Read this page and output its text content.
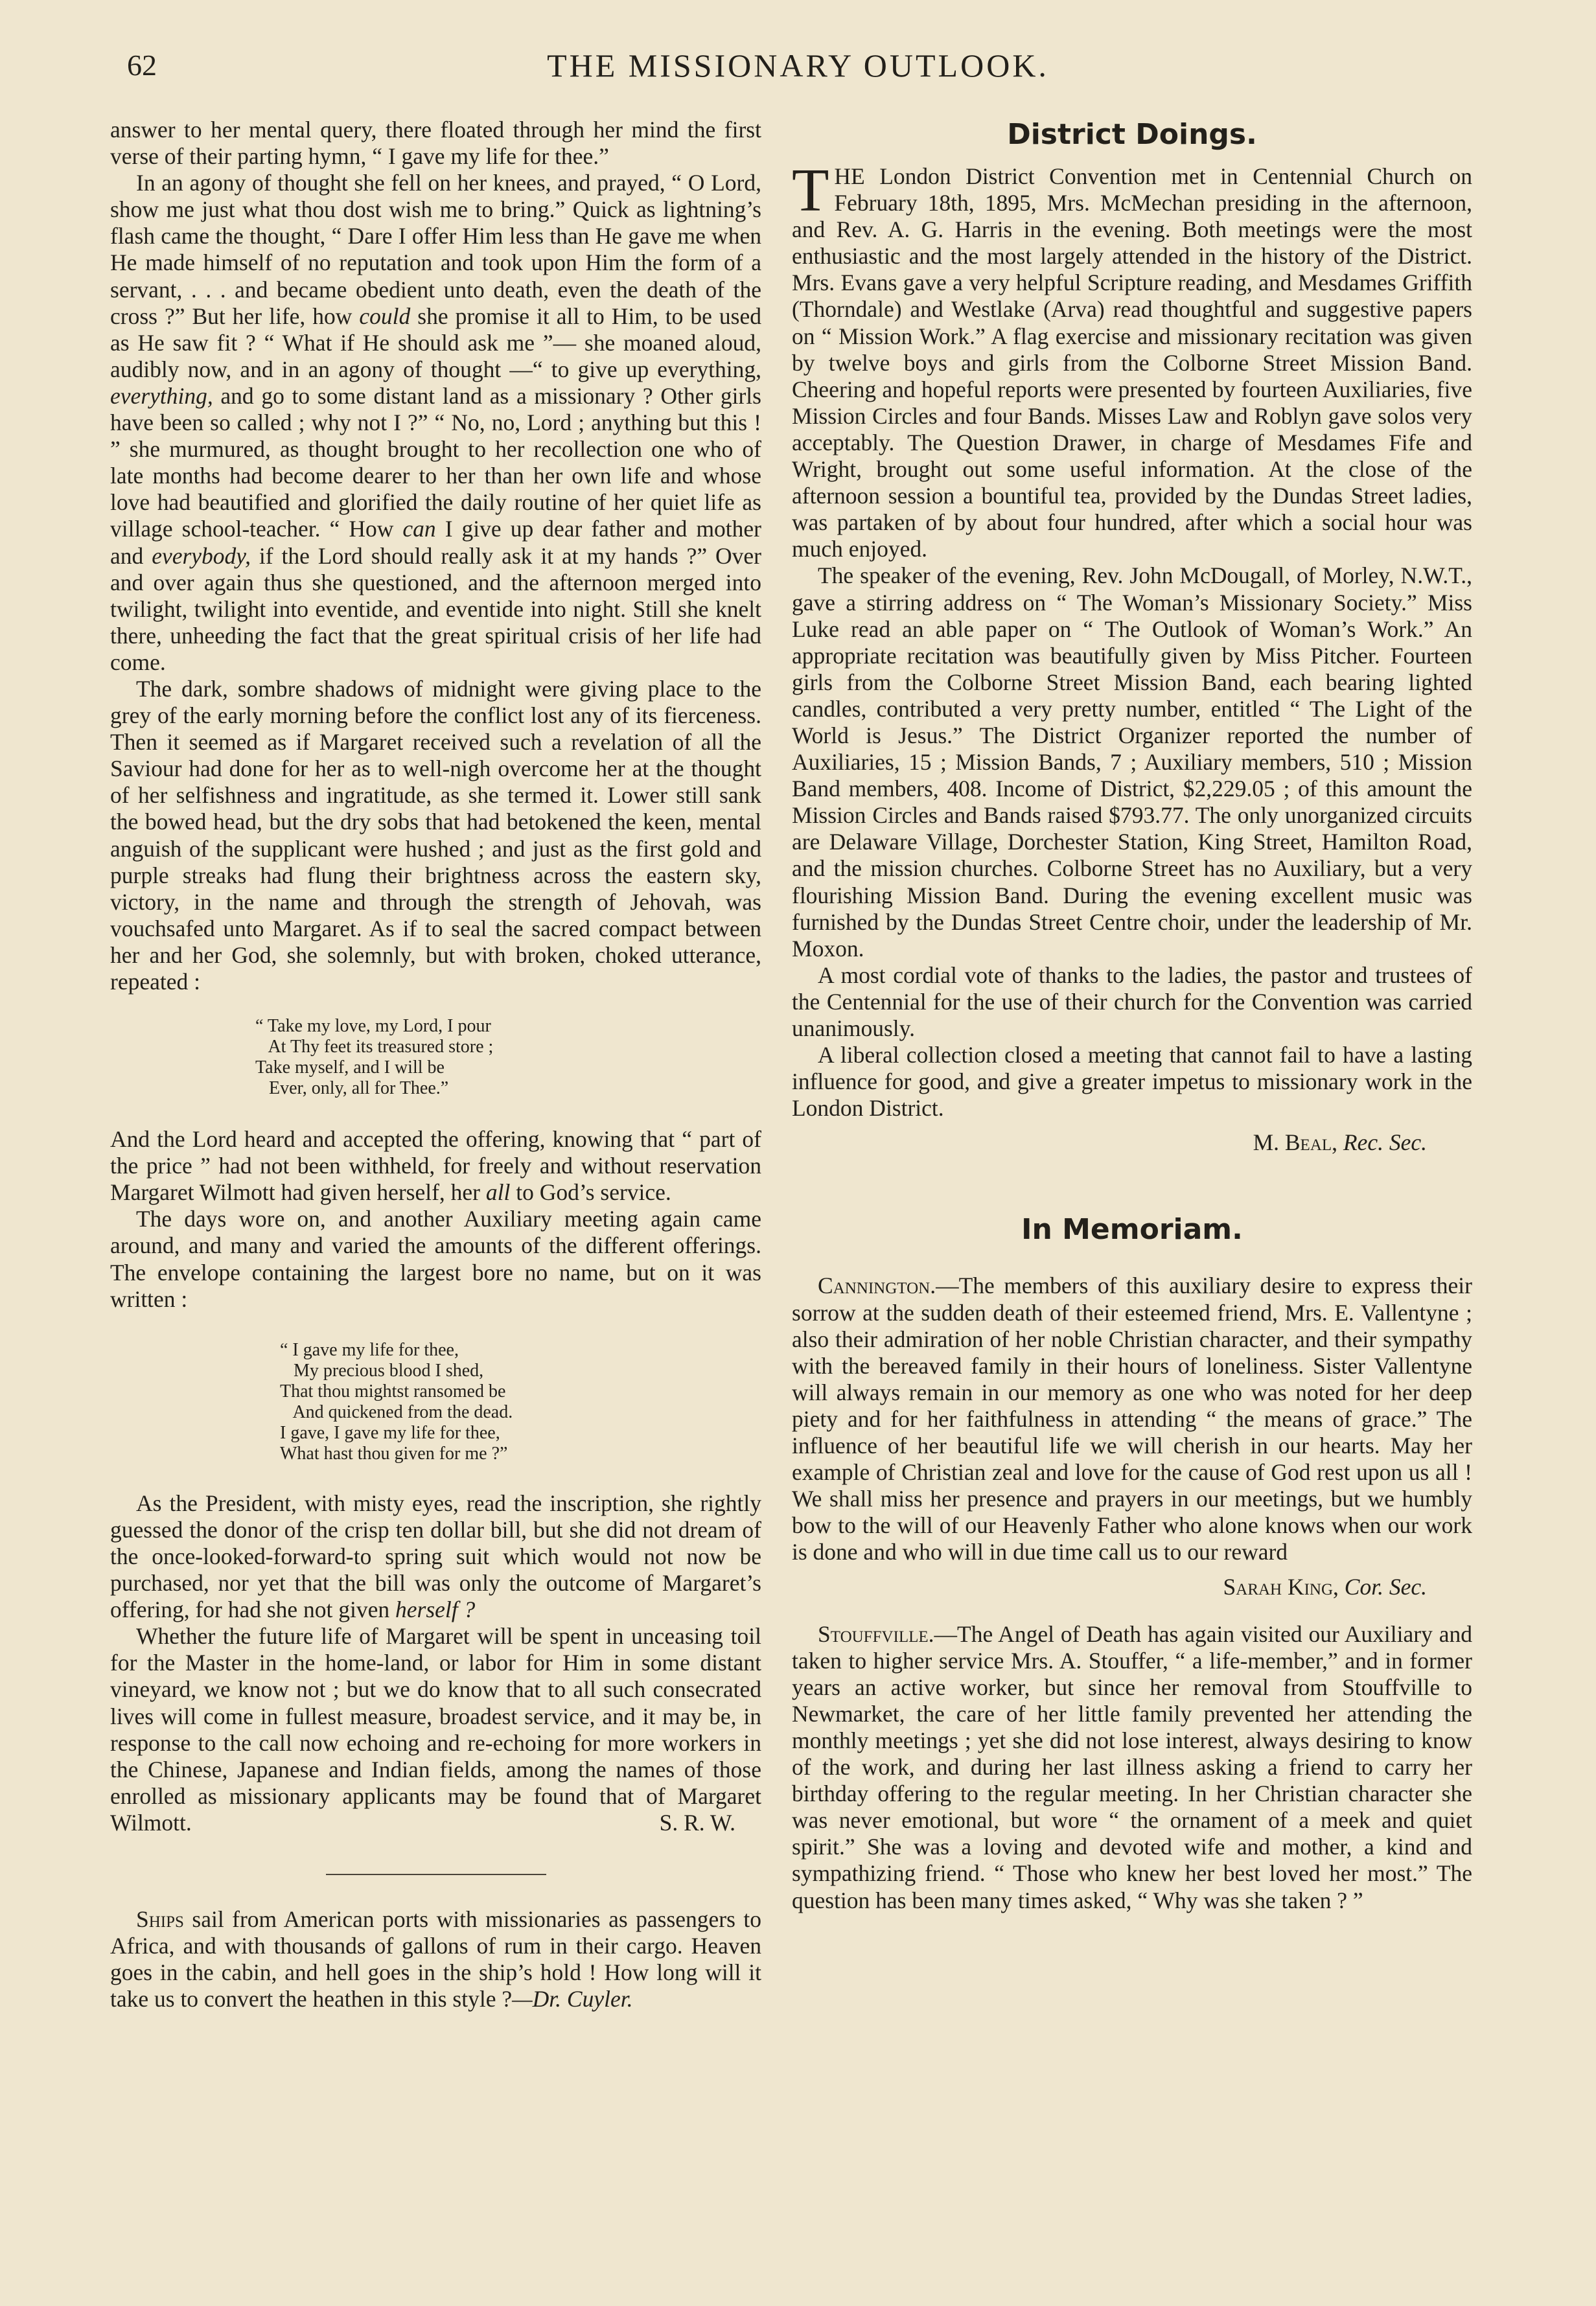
62	THE MISSIONARY OUTLOOK.

answer to her mental query, there floated through her mind the first verse of their parting hymn, “ I gave my life for thee.”

In an agony of thought she fell on her knees, and prayed, “ O Lord, show me just what thou dost wish me to bring.” Quick as lightning’s flash came the thought, “ Dare I offer Him less than He gave me when He made himself of no reputation and took upon Him the form of a servant, . . . and became obedient unto death, even the death of the cross ?” But her life, how could she promise it all to Him, to be used as He saw fit ? “ What if He should ask me ”— she moaned aloud, audibly now, and in an agony of thought —“ to give up everything, everything, and go to some distant land as a missionary ? Other girls have been so called ; why not I ?” “ No, no, Lord ; anything but this ! ” she murmured, as thought brought to her recollection one who of late months had become dearer to her than her own life and whose love had beautified and glorified the daily routine of her quiet life as village school-teacher. “ How can I give up dear father and mother and everybody, if the Lord should really ask it at my hands ?” Over and over again thus she questioned, and the afternoon merged into twilight, twilight into eventide, and eventide into night. Still she knelt there, unheeding the fact that the great spiritual crisis of her life had come.

The dark, sombre shadows of midnight were giving place to the grey of the early morning before the conflict lost any of its fierceness. Then it seemed as if Margaret received such a revelation of all the Saviour had done for her as to well-nigh overcome her at the thought of her selfishness and ingratitude, as she termed it. Lower still sank the bowed head, but the dry sobs that had betokened the keen, mental anguish of the supplicant were hushed ; and just as the first gold and purple streaks had flung their brightness across the eastern sky, victory, in the name and through the strength of Jehovah, was vouchsafed unto Margaret. As if to seal the sacred compact between her and her God, she solemnly, but with broken, choked utterance, repeated :

“ Take my love, my Lord, I pour
At Thy feet its treasured store ;
Take myself, and I will be
Ever, only, all for Thee.”

And the Lord heard and accepted the offering, knowing that “ part of the price ” had not been withheld, for freely and without reservation Margaret Wilmott had given herself, her all to God’s service.

The days wore on, and another Auxiliary meeting again came around, and many and varied the amounts of the different offerings. The envelope containing the largest bore no name, but on it was written :

“ I gave my life for thee,
My precious blood I shed,
That thou mightst ransomed be
And quickened from the dead.
I gave, I gave my life for thee,
What hast thou given for me ?”

As the President, with misty eyes, read the inscription, she rightly guessed the donor of the crisp ten dollar bill, but she did not dream of the once-looked-forward-to spring suit which would not now be purchased, nor yet that the bill was only the outcome of Margaret’s offering, for had she not given herself ?

Whether the future life of Margaret will be spent in unceasing toil for the Master in the home-land, or labor for Him in some distant vineyard, we know not ; but we do know that to all such consecrated lives will come in fullest measure, broadest service, and it may be, in response to the call now echoing and re-echoing for more workers in the Chinese, Japanese and Indian fields, among the names of those enrolled as missionary applicants may be found that of Margaret Wilmott.	S. R. W.

Ships sail from American ports with missionaries as passengers to Africa, and with thousands of gallons of rum in their cargo. Heaven goes in the cabin, and hell goes in the ship’s hold ! How long will it take us to convert the heathen in this style ?—Dr. Cuyler.

District Doings.

THE London District Convention met in Centennial Church on February 18th, 1895, Mrs. McMechan presiding in the afternoon, and Rev. A. G. Harris in the evening. Both meetings were the most enthusiastic and the most largely attended in the history of the District. Mrs. Evans gave a very helpful Scripture reading, and Mesdames Griffith (Thorndale) and Westlake (Arva) read thoughtful and suggestive papers on “ Mission Work.” A flag exercise and missionary recitation was given by twelve boys and girls from the Colborne Street Mission Band. Cheering and hopeful reports were presented by fourteen Auxiliaries, five Mission Circles and four Bands. Misses Law and Roblyn gave solos very acceptably. The Question Drawer, in charge of Mesdames Fife and Wright, brought out some useful information. At the close of the afternoon session a bountiful tea, provided by the Dundas Street ladies, was partaken of by about four hundred, after which a social hour was much enjoyed.

The speaker of the evening, Rev. John McDougall, of Morley, N.W.T., gave a stirring address on “ The Woman’s Missionary Society.” Miss Luke read an able paper on “ The Outlook of Woman’s Work.” An appropriate recitation was beautifully given by Miss Pitcher. Fourteen girls from the Colborne Street Mission Band, each bearing lighted candles, contributed a very pretty number, entitled “ The Light of the World is Jesus.” The District Organizer reported the number of Auxiliaries, 15 ; Mission Bands, 7 ; Auxiliary members, 510 ; Mission Band members, 408. Income of District, $2,229.05 ; of this amount the Mission Circles and Bands raised $793.77. The only unorganized circuits are Delaware Village, Dorchester Station, King Street, Hamilton Road, and the mission churches. Colborne Street has no Auxiliary, but a very flourishing Mission Band. During the evening excellent music was furnished by the Dundas Street Centre choir, under the leadership of Mr. Moxon.

A most cordial vote of thanks to the ladies, the pastor and trustees of the Centennial for the use of their church for the Convention was carried unanimously.

A liberal collection closed a meeting that cannot fail to have a lasting influence for good, and give a greater impetus to missionary work in the London District.

M. Beal, Rec. Sec.

In Memoriam.

Cannington.—The members of this auxiliary desire to express their sorrow at the sudden death of their esteemed friend, Mrs. E. Vallentyne ; also their admiration of her noble Christian character, and their sympathy with the bereaved family in their hours of loneliness. Sister Vallentyne will always remain in our memory as one who was noted for her deep piety and for her faithfulness in attending “ the means of grace.” The influence of her beautiful life we will cherish in our hearts. May her example of Christian zeal and love for the cause of God rest upon us all ! We shall miss her presence and prayers in our meetings, but we humbly bow to the will of our Heavenly Father who alone knows when our work is done and who will in due time call us to our reward

Sarah King, Cor. Sec.

Stouffville.—The Angel of Death has again visited our Auxiliary and taken to higher service Mrs. A. Stouffer, “ a life-member,” and in former years an active worker, but since her removal from Stouffville to Newmarket, the care of her little family prevented her attending the monthly meetings ; yet she did not lose interest, always desiring to know of the work, and during her last illness asking a friend to carry her birthday offering to the regular meeting. In her Christian character she was never emotional, but wore “ the ornament of a meek and quiet spirit.” She was a loving and devoted wife and mother, a kind and sympathizing friend. “ Those who knew her best loved her most.” The question has been many times asked, “ Why was she taken ? ”
